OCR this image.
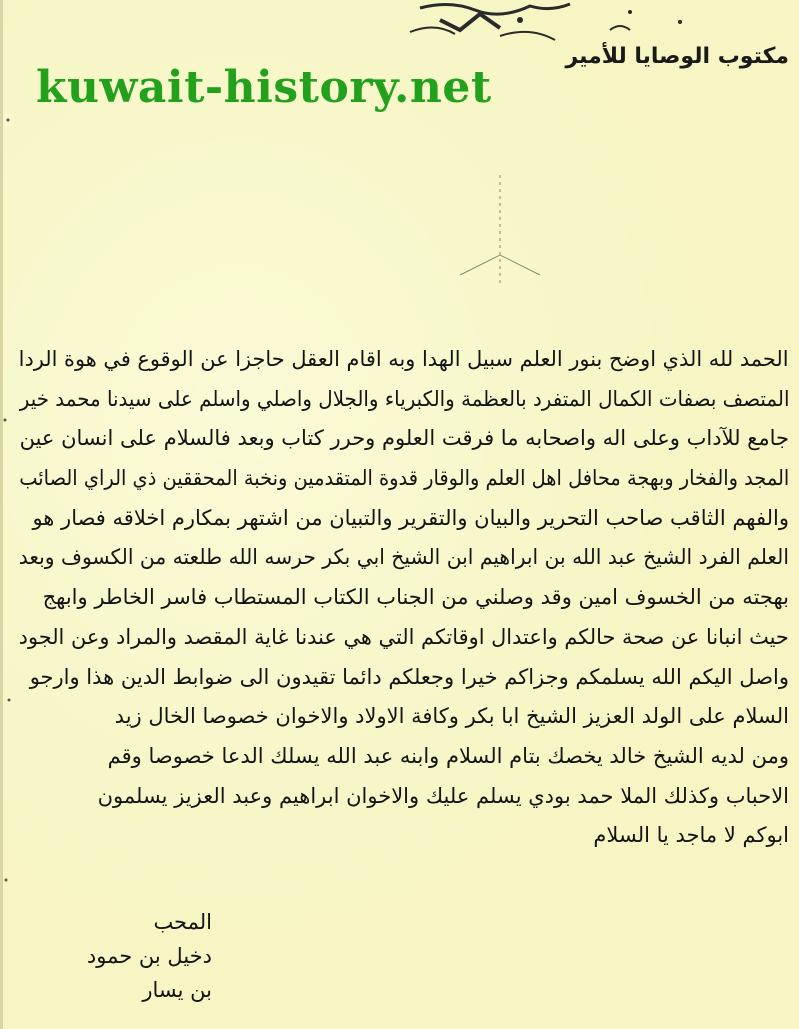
مكتوب الوصايا للأمير
kuwait-history.net
الحمد لله الذي اوضح بنور العلم سبيل الهدا وبه اقام العقل حاجزا عن الوقوع في هوة الردا
المتصف بصفات الكمال المتفرد بالعظمة والكبرياء والجلال واصلي واسلم على سيدنا محمد خير
جامع للآداب وعلى اله واصحابه ما فرقت العلوم وحرر كتاب وبعد فالسلام على انسان عين
المجد والفخار وبهجة محافل اهل العلم والوقار قدوة المتقدمين ونخبة المحققين ذي الراي الصائب
والفهم الثاقب صاحب التحرير والبيان والتقرير والتبيان من اشتهر بمكارم اخلاقه فصار هو
العلم الفرد الشيخ عبد الله بن ابراهيم ابن الشيخ ابي بكر حرسه الله طلعته من الكسوف وبعد
بهجته من الخسوف امين وقد وصلني من الجناب الكتاب المستطاب فاسر الخاطر وابهج
حيث انبانا عن صحة حالكم واعتدال اوقاتكم التي هي عندنا غاية المقصد والمراد وعن الجود
واصل اليكم الله يسلمكم وجزاكم خيرا وجعلكم دائما تقيدون الى ضوابط الدين هذا وارجو
السلام على الولد العزيز الشيخ ابا بكر وكافة الاولاد والاخوان خصوصا الخال زيد
ومن لديه الشيخ خالد يخصك بتام السلام وابنه عبد الله يسلك الدعا خصوصا وقم
الاحباب وكذلك الملا حمد بودي يسلم عليك والاخوان ابراهيم وعبد العزيز يسلمون
ابوكم لا ماجد يا السلام
المحب
دخيل بن حمود
بن يسار
